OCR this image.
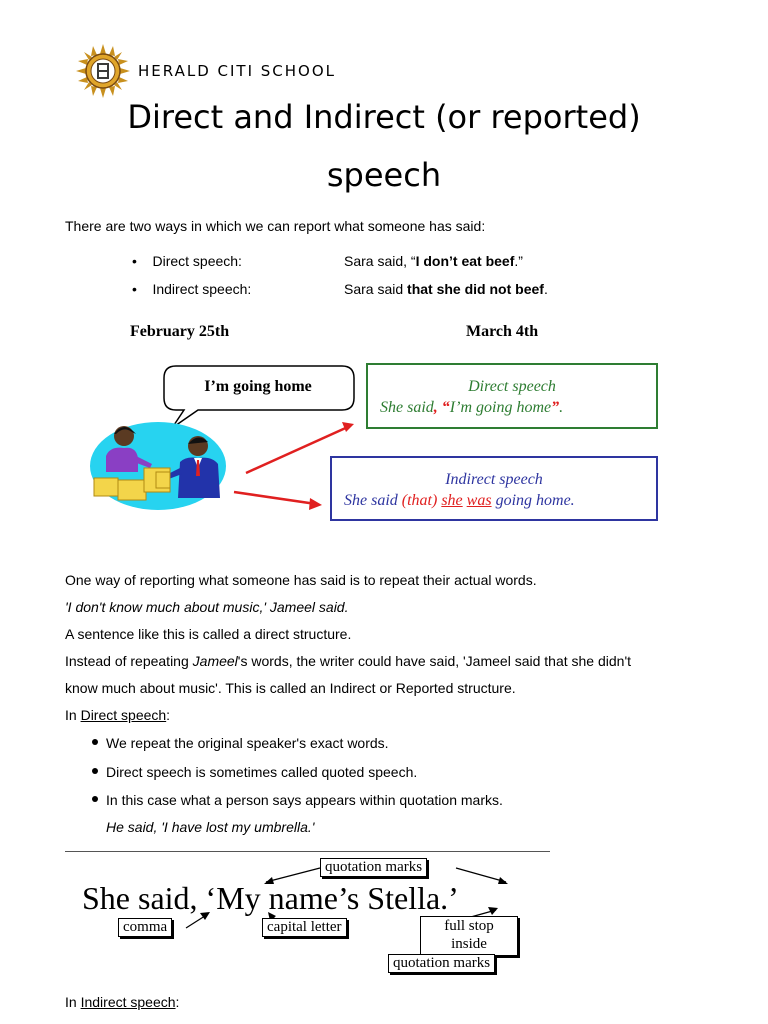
HERALD CITI SCHOOL
Direct and Indirect (or reported)
speech
There are two ways in which we can report what someone has said:
•    Direct speech:	Sara said, “I don’t eat beef.”
•    Indirect speech:	Sara said that she did not beef.
February 25th	March 4th
I’m going home	Direct speech
She said, “I’m going home”.
Indirect speech
She said (that) she was going home.
One way of reporting what someone has said is to repeat their actual words.
'I don't know much about music,' Jameel said.
A sentence like this is called a direct structure.
Instead of repeating Jameel's words, the writer could have said, 'Jameel said that she didn't
know much about music'. This is called an Indirect or Reported structure.
In Direct speech:
We repeat the original speaker's exact words.
Direct speech is sometimes called quoted speech.
In this case what a person says appears within quotation marks.
He said, 'I have lost my umbrella.'
quotation marks
She said, ‘My name’s Stella.’
comma	capital letter	full stop
inside
quotation marks
In Indirect speech:
